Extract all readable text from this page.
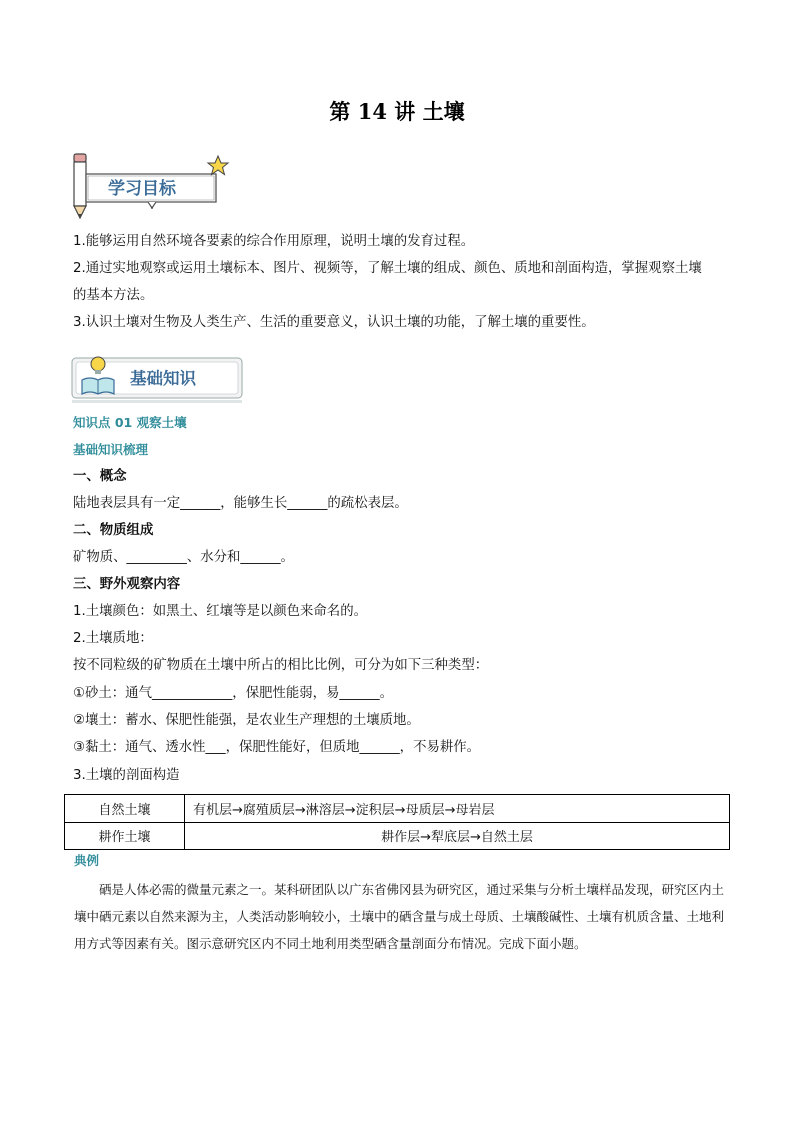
第 14 讲 土壤
学习目标
1.能够运用自然环境各要素的综合作用原理，说明土壤的发育过程。
2.通过实地观察或运用土壤标本、图片、视频等，了解土壤的组成、颜色、质地和剖面构造，掌握观察土壤
的基本方法。
3.认识土壤对生物及人类生产、生活的重要意义，认识土壤的功能，了解土壤的重要性。
基础知识
知识点 01 观察土壤
基础知识梳理
一、概念
陆地表层具有一定______，能够生长______的疏松表层。
二、物质组成
矿物质、_________、水分和______。
三、野外观察内容
1.土壤颜色：如黑土、红壤等是以颜色来命名的。
2.土壤质地：
按不同粒级的矿物质在土壤中所占的相比比例，可分为如下三种类型：
①砂土：通气____________，保肥性能弱，易______。
②壤土：蓄水、保肥性能强，是农业生产理想的土壤质地。
③黏土：通气、透水性___，保肥性能好，但质地______，不易耕作。
3.土壤的剖面构造
自然土壤	有机层→腐殖质层→淋溶层→淀积层→母质层→母岩层
耕作土壤	耕作层→犁底层→自然土层
典例

硒是人体必需的微量元素之一。某科研团队以广东省佛冈县为研究区，通过采集与分析土壤样品发现，研究区内土壤中硒元素以自然来源为主，人类活动影响较小，土壤中的硒含量与成土母质、土壤酸碱性、土壤有机质含量、土地利用方式等因素有关。图示意研究区内不同土地利用类型硒含量剖面分布情况。完成下面小题。
